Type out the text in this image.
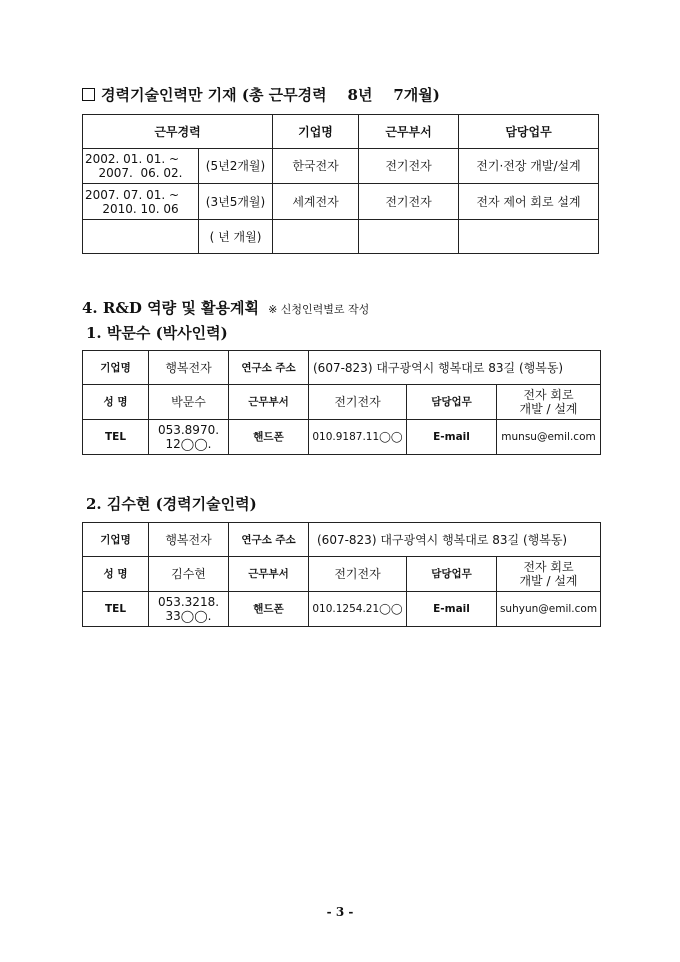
경력기술인력만 기재 (총 근무경력    8년    7개월)
근무경력		기업명	근무부서	담당업무

2002. 01. 01. ~
2007.  06. 02.	(5년2개월)	한국전자	전기전자	전기·전장 개발/설계

2007. 07. 01. ~
2010. 10. 06	(3년5개월)	세계전자	전기전자	전자 제어 회로 설계
	( 년 개월)			
4. R&D 역량 및 활용계획 ※ 신청인력별로 작성
1. 박문수 (박사인력)
기업명	행복전자	연구소 주소	(607-823) 대구광역시 행복대로 83길 (행복동)		
성 명	박문수	근무부서	전기전자	담당업무	전자 회로
개발 / 설계

TEL	053.8970.
12◯◯.	핸드폰	010.9187.11◯◯	E-mail	munsu@emil.com
2. 김수현 (경력기술인력)
기업명	행복전자	연구소 주소	(607-823) 대구광역시 행복대로 83길 (행복동)		
성 명	김수현	근무부서	전기전자	담당업무	전자 회로
개발 / 설계

TEL	053.3218.
33◯◯.	핸드폰	010.1254.21◯◯	E-mail	suhyun@emil.com
- 3 -
